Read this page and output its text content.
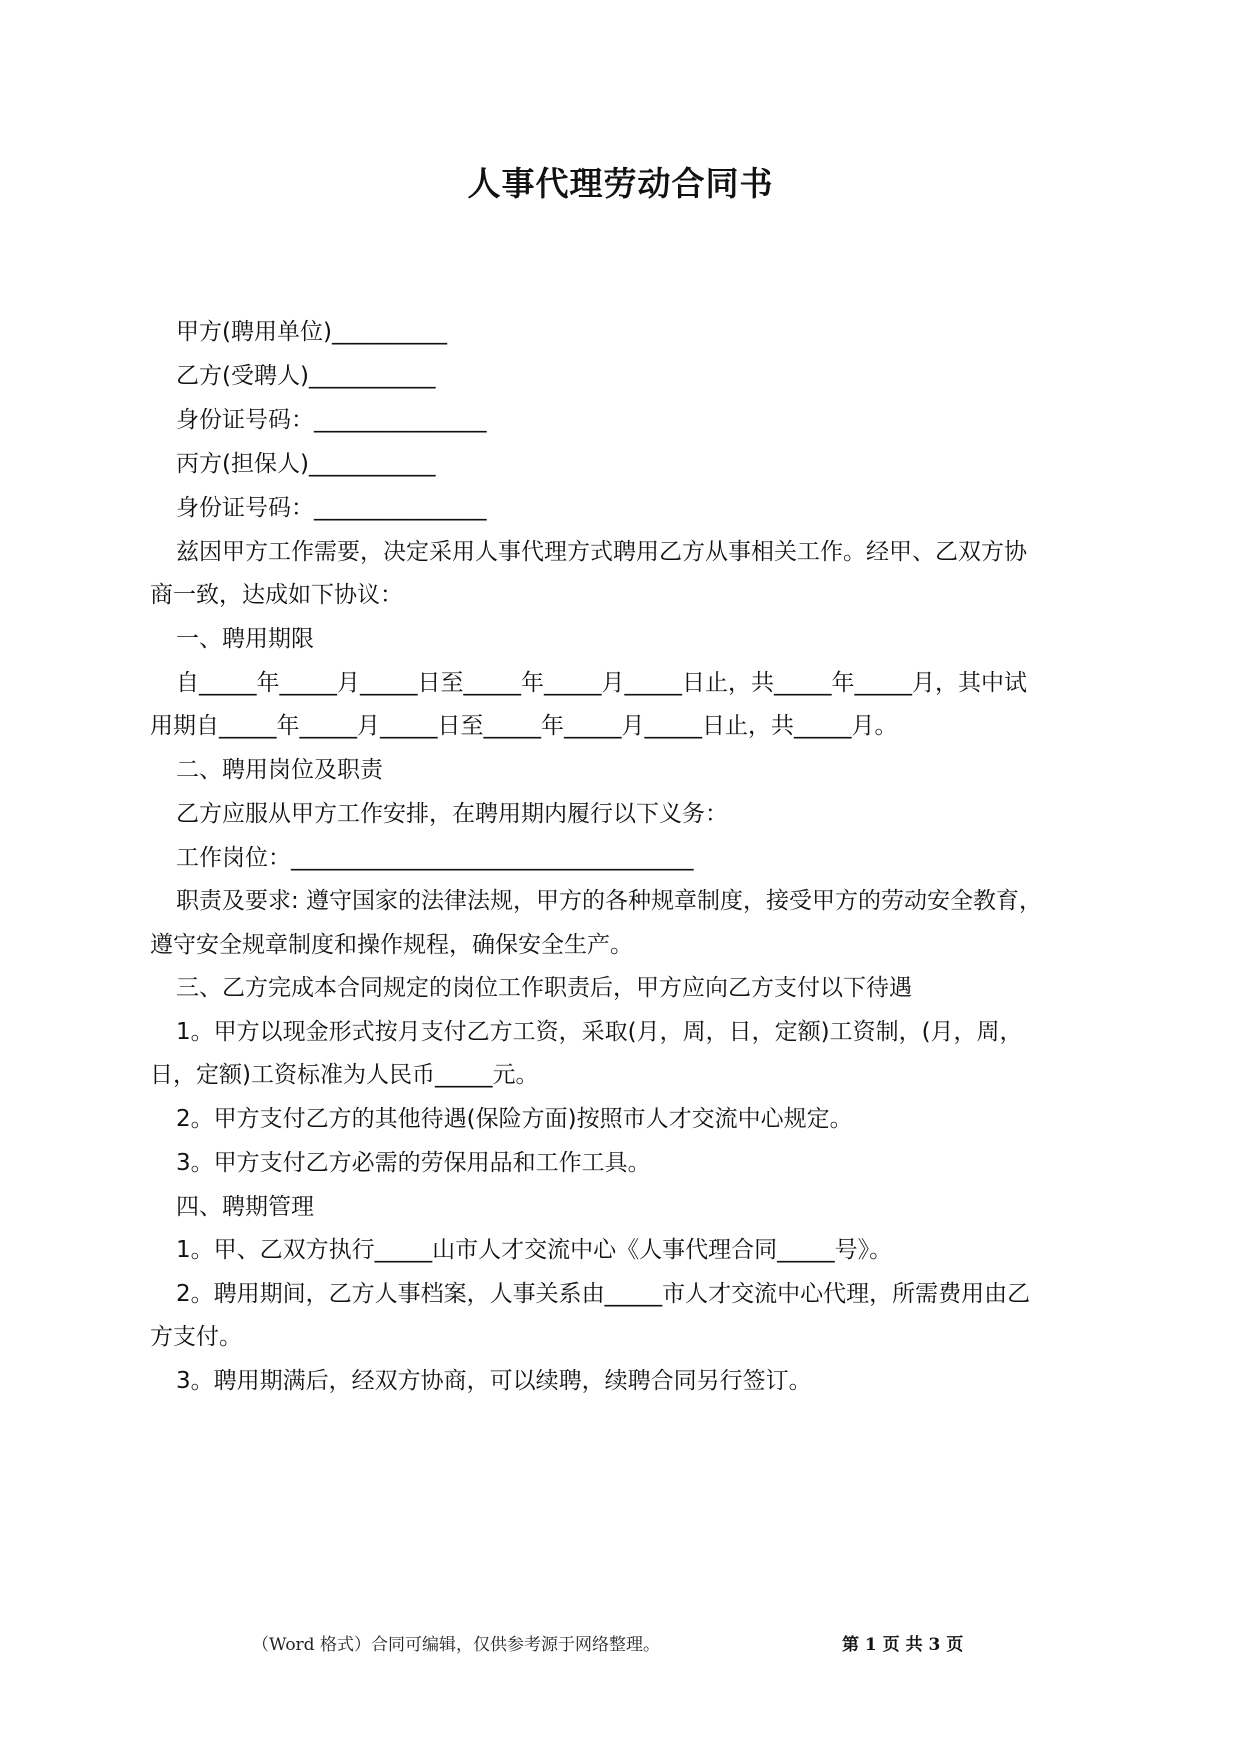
人事代理劳动合同书
甲方(聘用单位)__________
乙方(受聘人)___________
身份证号码：_______________
丙方(担保人)___________
身份证号码：_______________
兹因甲方工作需要，决定采用人事代理方式聘用乙方从事相关工作。经甲、乙双方协
商一致，达成如下协议：
一、聘用期限
自_____年_____月_____日至_____年_____月_____日止，共_____年_____月，其中试
用期自_____年_____月_____日至_____年_____月_____日止，共_____月。
二、聘用岗位及职责
乙方应服从甲方工作安排，在聘用期内履行以下义务：
工作岗位：___________________________________
职责及要求: 遵守国家的法律法规，甲方的各种规章制度，接受甲方的劳动安全教育，
遵守安全规章制度和操作规程，确保安全生产。
三、乙方完成本合同规定的岗位工作职责后，甲方应向乙方支付以下待遇
1。甲方以现金形式按月支付乙方工资，采取(月，周，日，定额)工资制，(月，周，
日，定额)工资标准为人民币_____元。
2。甲方支付乙方的其他待遇(保险方面)按照市人才交流中心规定。
3。甲方支付乙方必需的劳保用品和工作工具。
四、聘期管理
1。甲、乙双方执行_____山市人才交流中心《人事代理合同_____号》。
2。聘用期间，乙方人事档案，人事关系由_____市人才交流中心代理，所需费用由乙
方支付。
3。聘用期满后，经双方协商，可以续聘，续聘合同另行签订。
（Word 格式）合同可编辑，仅供参考源于网络整理。	第 1 页 共 3 页
